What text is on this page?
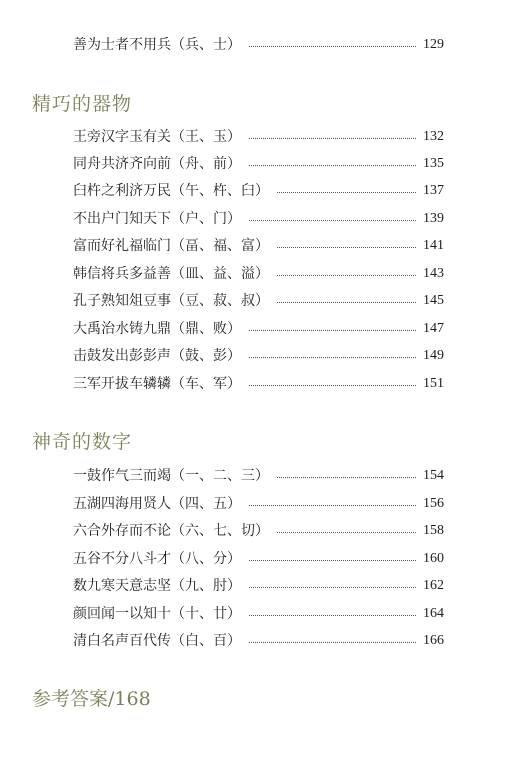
善为士者不用兵（兵、士）	129
精巧的器物
王旁汉字玉有关（王、玉）	132
同舟共济齐向前（舟、前）	135
臼杵之利济万民（午、杵、臼）	137
不出户门知天下（户、门）	139
富而好礼福临门（畐、福、富）	141
韩信将兵多益善（皿、益、溢）	143
孔子熟知俎豆事（豆、菽、叔）	145
大禹治水铸九鼎（鼎、败）	147
击鼓发出彭彭声（鼓、彭）	149
三军开拔车辚辚（车、军）	151
神奇的数字
一鼓作气三而竭（一、二、三）	154
五湖四海用贤人（四、五）	156
六合外存而不论（六、七、切）	158
五谷不分八斗才（八、分）	160
数九寒天意志坚（九、肘）	162
颜回闻一以知十（十、廿）	164
清白名声百代传（白、百）	166
参考答案/168
